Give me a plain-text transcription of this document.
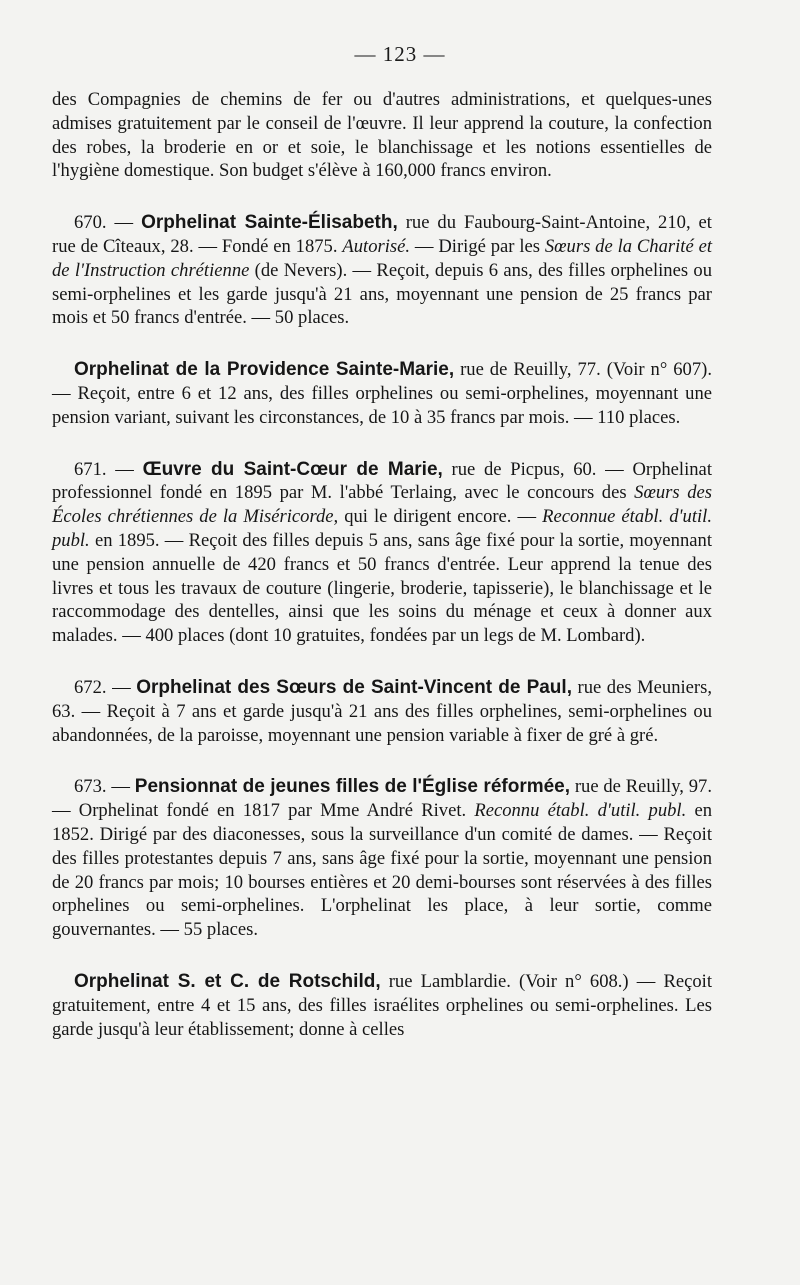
— 123 —

des Compagnies de chemins de fer ou d'autres administrations, et quelques-unes admises gratuitement par le conseil de l'œuvre. Il leur apprend la couture, la confection des robes, la broderie en or et soie, le blanchissage et les notions essentielles de l'hygiène domestique. Son budget s'élève à 160,000 francs environ.

670. — Orphelinat Sainte-Élisabeth, rue du Faubourg-Saint-Antoine, 210, et rue de Cîteaux, 28. — Fondé en 1875. Autorisé. — Dirigé par les Sœurs de la Charité et de l'Instruction chrétienne (de Nevers). — Reçoit, depuis 6 ans, des filles orphelines ou semi-orphelines et les garde jusqu'à 21 ans, moyennant une pension de 25 francs par mois et 50 francs d'entrée. — 50 places.

Orphelinat de la Providence Sainte-Marie, rue de Reuilly, 77. (Voir n° 607). — Reçoit, entre 6 et 12 ans, des filles orphelines ou semi-orphelines, moyennant une pension variant, suivant les circonstances, de 10 à 35 francs par mois. — 110 places.

671. — Œuvre du Saint-Cœur de Marie, rue de Picpus, 60. — Orphelinat professionnel fondé en 1895 par M. l'abbé Terlaing, avec le concours des Sœurs des Écoles chrétiennes de la Miséricorde, qui le dirigent encore. — Reconnue établ. d'util. publ. en 1895. — Reçoit des filles depuis 5 ans, sans âge fixé pour la sortie, moyennant une pension annuelle de 420 francs et 50 francs d'entrée. Leur apprend la tenue des livres et tous les travaux de couture (lingerie, broderie, tapisserie), le blanchissage et le raccommodage des dentelles, ainsi que les soins du ménage et ceux à donner aux malades. — 400 places (dont 10 gratuites, fondées par un legs de M. Lombard).

672. — Orphelinat des Sœurs de Saint-Vincent de Paul, rue des Meuniers, 63. — Reçoit à 7 ans et garde jusqu'à 21 ans des filles orphelines, semi-orphelines ou abandonnées, de la paroisse, moyennant une pension variable à fixer de gré à gré.

673. — Pensionnat de jeunes filles de l'Église réformée, rue de Reuilly, 97. — Orphelinat fondé en 1817 par Mme André Rivet. Reconnu établ. d'util. publ. en 1852. Dirigé par des diaconesses, sous la surveillance d'un comité de dames. — Reçoit des filles protestantes depuis 7 ans, sans âge fixé pour la sortie, moyennant une pension de 20 francs par mois; 10 bourses entières et 20 demi-bourses sont réservées à des filles orphelines ou semi-orphelines. L'orphelinat les place, à leur sortie, comme gouvernantes. — 55 places.

Orphelinat S. et C. de Rotschild, rue Lamblardie. (Voir n° 608.) — Reçoit gratuitement, entre 4 et 15 ans, des filles israélites orphelines ou semi-orphelines. Les garde jusqu'à leur établissement; donne à celles
